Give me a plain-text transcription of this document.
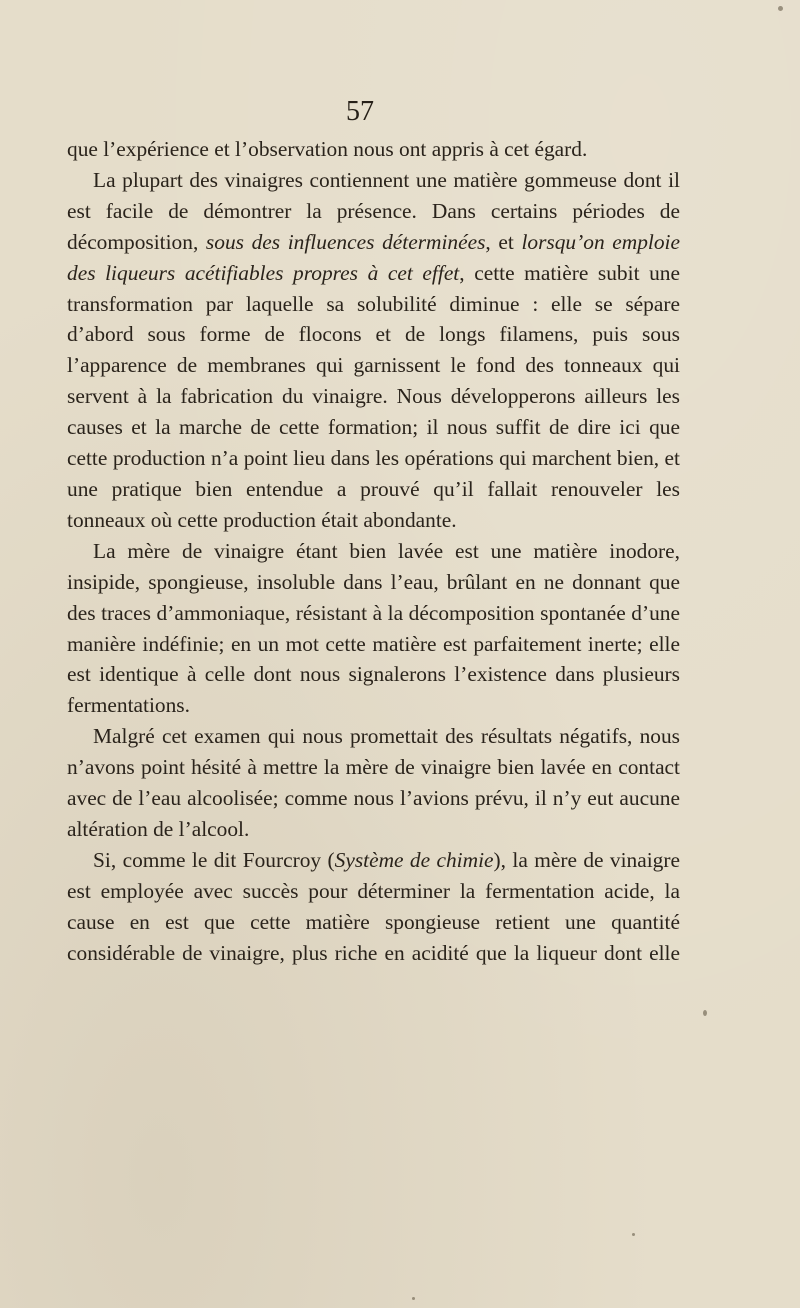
57

que l’expérience et l’observation nous ont appris à cet égard.

La plupart des vinaigres contiennent une matière gommeuse dont il est facile de démontrer la présence. Dans certains périodes de décomposition, sous des influences déterminées, et lorsqu’on emploie des liqueurs acétifiables propres à cet effet, cette matière subit une transformation par laquelle sa solubilité diminue : elle se sépare d’abord sous forme de flocons et de longs filamens, puis sous l’apparence de membranes qui garnissent le fond des tonneaux qui servent à la fabrication du vinaigre. Nous développerons ailleurs les causes et la marche de cette formation; il nous suffit de dire ici que cette production n’a point lieu dans les opérations qui marchent bien, et une pratique bien entendue a prouvé qu’il fallait renouveler les tonneaux où cette production était abondante.

La mère de vinaigre étant bien lavée est une matière inodore, insipide, spongieuse, insoluble dans l’eau, brûlant en ne donnant que des traces d’ammoniaque, résistant à la décomposition spontanée d’une manière indéfinie; en un mot cette matière est parfaitement inerte; elle est identique à celle dont nous signalerons l’existence dans plusieurs fermentations.

Malgré cet examen qui nous promettait des résultats négatifs, nous n’avons point hésité à mettre la mère de vinaigre bien lavée en contact avec de l’eau alcoolisée; comme nous l’avions prévu, il n’y eut aucune altération de l’alcool.

Si, comme le dit Fourcroy (Système de chimie), la mère de vinaigre est employée avec succès pour déterminer la fermentation acide, la cause en est que cette matière spongieuse retient une quantité considérable de vinaigre, plus riche en acidité que la liqueur dont elle
